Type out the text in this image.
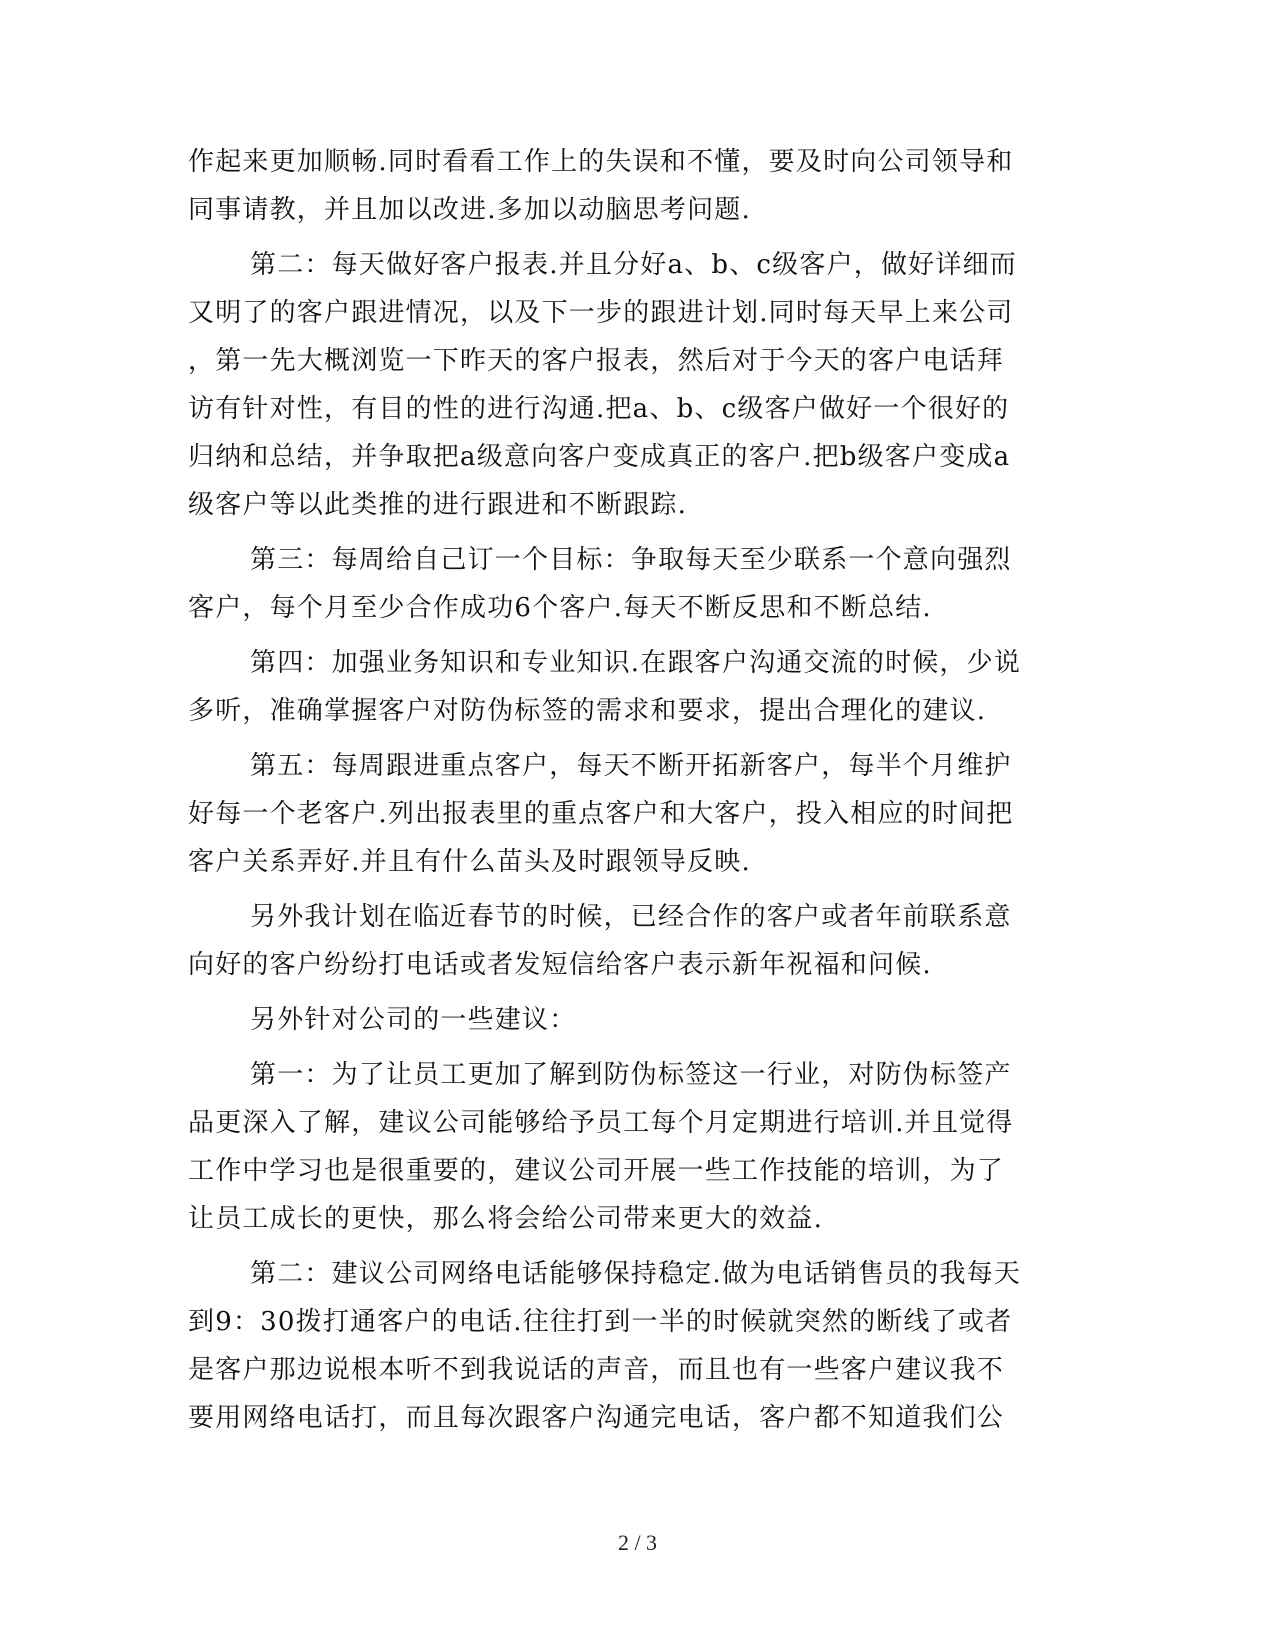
作起来更加顺畅.同时看看工作上的失误和不懂，要及时向公司领导和
同事请教，并且加以改进.多加以动脑思考问题.
第二：每天做好客户报表.并且分好a、b、c级客户，做好详细而
又明了的客户跟进情况，以及下一步的跟进计划.同时每天早上来公司
，第一先大概浏览一下昨天的客户报表，然后对于今天的客户电话拜
访有针对性，有目的性的进行沟通.把a、b、c级客户做好一个很好的
归纳和总结，并争取把a级意向客户变成真正的客户.把b级客户变成a
级客户等以此类推的进行跟进和不断跟踪.
第三：每周给自己订一个目标：争取每天至少联系一个意向强烈
客户，每个月至少合作成功6个客户.每天不断反思和不断总结.
第四：加强业务知识和专业知识.在跟客户沟通交流的时候，少说
多听，准确掌握客户对防伪标签的需求和要求，提出合理化的建议.
第五：每周跟进重点客户，每天不断开拓新客户，每半个月维护
好每一个老客户.列出报表里的重点客户和大客户，投入相应的时间把
客户关系弄好.并且有什么苗头及时跟领导反映.
另外我计划在临近春节的时候，已经合作的客户或者年前联系意
向好的客户纷纷打电话或者发短信给客户表示新年祝福和问候.
另外针对公司的一些建议：
第一：为了让员工更加了解到防伪标签这一行业，对防伪标签产
品更深入了解，建议公司能够给予员工每个月定期进行培训.并且觉得
工作中学习也是很重要的，建议公司开展一些工作技能的培训，为了
让员工成长的更快，那么将会给公司带来更大的效益.
第二：建议公司网络电话能够保持稳定.做为电话销售员的我每天
到9：30拨打通客户的电话.往往打到一半的时候就突然的断线了或者
是客户那边说根本听不到我说话的声音，而且也有一些客户建议我不
要用网络电话打，而且每次跟客户沟通完电话，客户都不知道我们公
2 / 3
